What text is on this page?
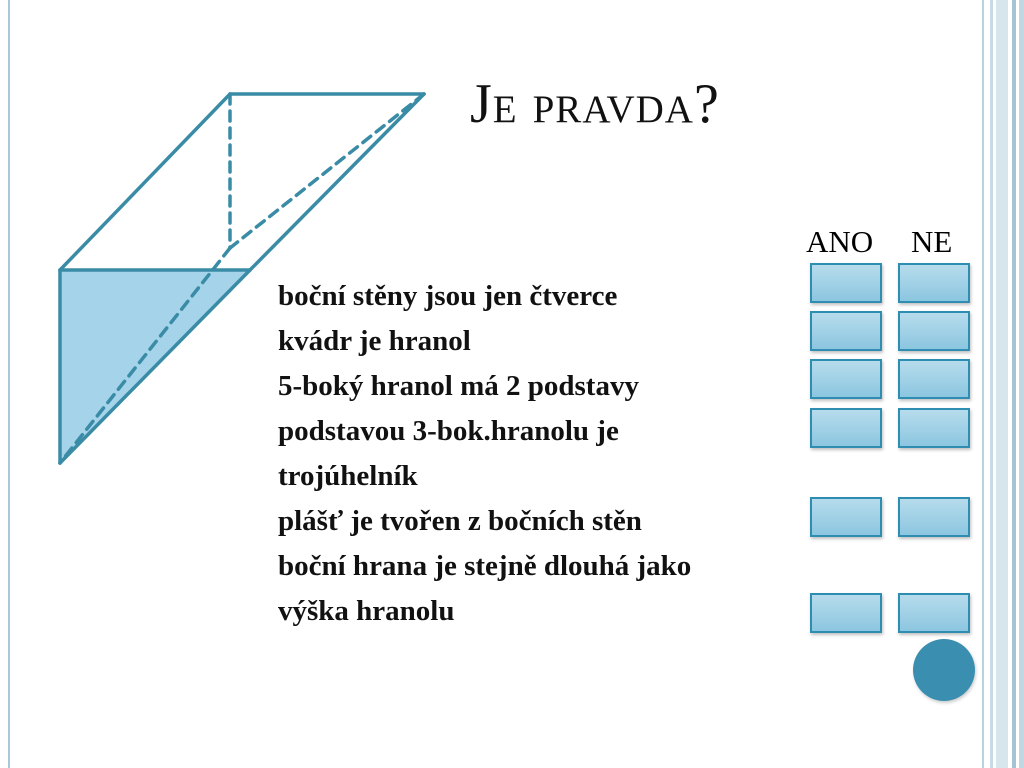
Je pravda?
ANO NE
boční stěny jsou jen čtverce
kvádr je hranol
5-boký hranol má 2 podstavy
podstavou 3-bok.hranolu je
trojúhelník
plášť je tvořen z bočních stěn
boční hrana je stejně dlouhá jako
výška hranolu
